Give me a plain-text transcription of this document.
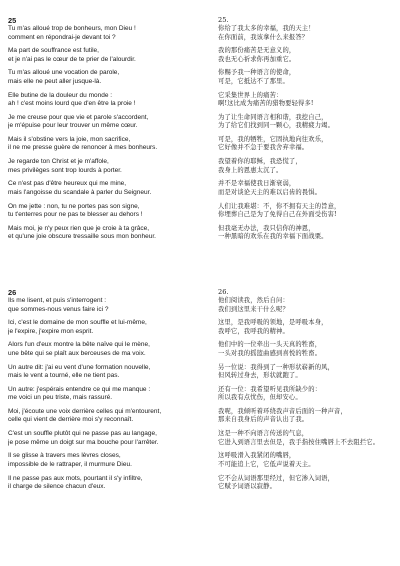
25
Tu m'as alloué trop de bonheurs, mon Dieu !
comment en répondrai-je devant toi ?
Ma part de souffrance est futile,
et je n'ai pas le cœur de te prier de l'alourdir.
Tu m'as alloué une vocation de parole,
mais elle ne peut aller jusque-là.
Elle butine de la douleur du monde :
ah ! c'est moins lourd que d'en être la proie !
Je me creuse pour que vie et parole s'accordent,
je m'épuise pour leur trouver un même cœur.
Mais il s'obstine vers la joie, mon sacrifice,
il ne me presse guère de renoncer à mes bonheurs.
Je regarde ton Christ et je m'affole,
mes privilèges sont trop lourds à porter.
Ce n'est pas d'être heureux qui me mine,
mais l'angoisse du scandale à parler du Seigneur.
On me jette : non, tu ne portes pas son signe,
tu t'enterres pour ne pas te blesser au dehors !
Mais moi, je n'y peux rien que je croie à ta grâce,
et qu'une joie obscure tressaille sous mon bonheur.
26
Ils me lisent, et puis s'interrogent :
que sommes-nous venus faire ici ?
Ici, c'est le domaine de mon souffle et lui-même,
je l'expire, j'expire mon esprit.
Alors l'un d'eux montre la bête naïve qui le mène,
une bête qui se plaît aux berceuses de ma voix.
Un autre dit: j'ai eu vent d'une formation nouvelle,
mais le vent a tourné, elle ne tient pas.
Un autre: j'espérais entendre ce qui me manque :
me voici un peu triste, mais rassuré.
Moi, j'écoute une voix derrière celles qui m'entourent,
celle qui vient de derrière moi s'y reconnaît.
C'est un souffle plutôt qui ne passe pas au langage,
je pose même un doigt sur ma bouche pour l'arrêter.
Il se glisse à travers mes lèvres closes,
impossible de le rattraper, il murmure Dieu.
Il ne passe pas aux mots, pourtant il s'y infiltre,
il charge de silence chacun d'eux.
25.
你给了我太多的幸福，我的天主！
在你面前，我该拿什么来报答？
我的那份痛苦是无意义的，
我也无心祈求你再加重它。
你赐予我一种语言的使命，
可是，它抵达不了那里。
它采集世界上的痛苦：
啊!这比成为痛苦的猎物要轻得多!
为了让生命同语言相和谐，我挖自己，
为了给它们找到同一颗心，我精疲力竭。
可是，我的牺牲，它固执地向往欢乐，
它好像并不急于要我舍弃幸福。
我望着你的耶稣，我恐慌了，
我身上的恩惠太沉了。
并不是幸福使我日渐衰弱，
而是对谈论天主的难以启齿的畏惧。
人们让我难堪：不，你不拥有天主的旨意，
你埋葬自己是为了免得自己在外面受伤害!
但我毫无办法，我只信你的神恩，
一种黑暗的欢乐在我的幸福下面战栗。
26.
他们阅读我，然后自问：
我们到这里来干什么呢？
这里，是我呼吸的领地，是呼吸本身，
我呼它，我呼我的精神。
他们中的一位牵出一头天真的牲畜，
一头对我的摇篮曲感到喜悦的牲畜。
另一位说：我得到了一种形状崭新的风，
但风转过身去，形状就跑了。
还有一位：我希望听见我所缺少的：
所以我有点忧伤，但却安心。
我呢，我倾听着环绕我声音后面的一种声音，
那来自我身后的声音认出了我。
这是一种不向语言传送的气息，
它进入到语言里去但是，我手指按住嘴唇上不去阻拦它。
这呼吸滑入我紧闭的嘴唇，
不可能追上它，它低声说着天主。
它不会从词语那里经过，但它渗入词语，
它赋予词语以寂静。
